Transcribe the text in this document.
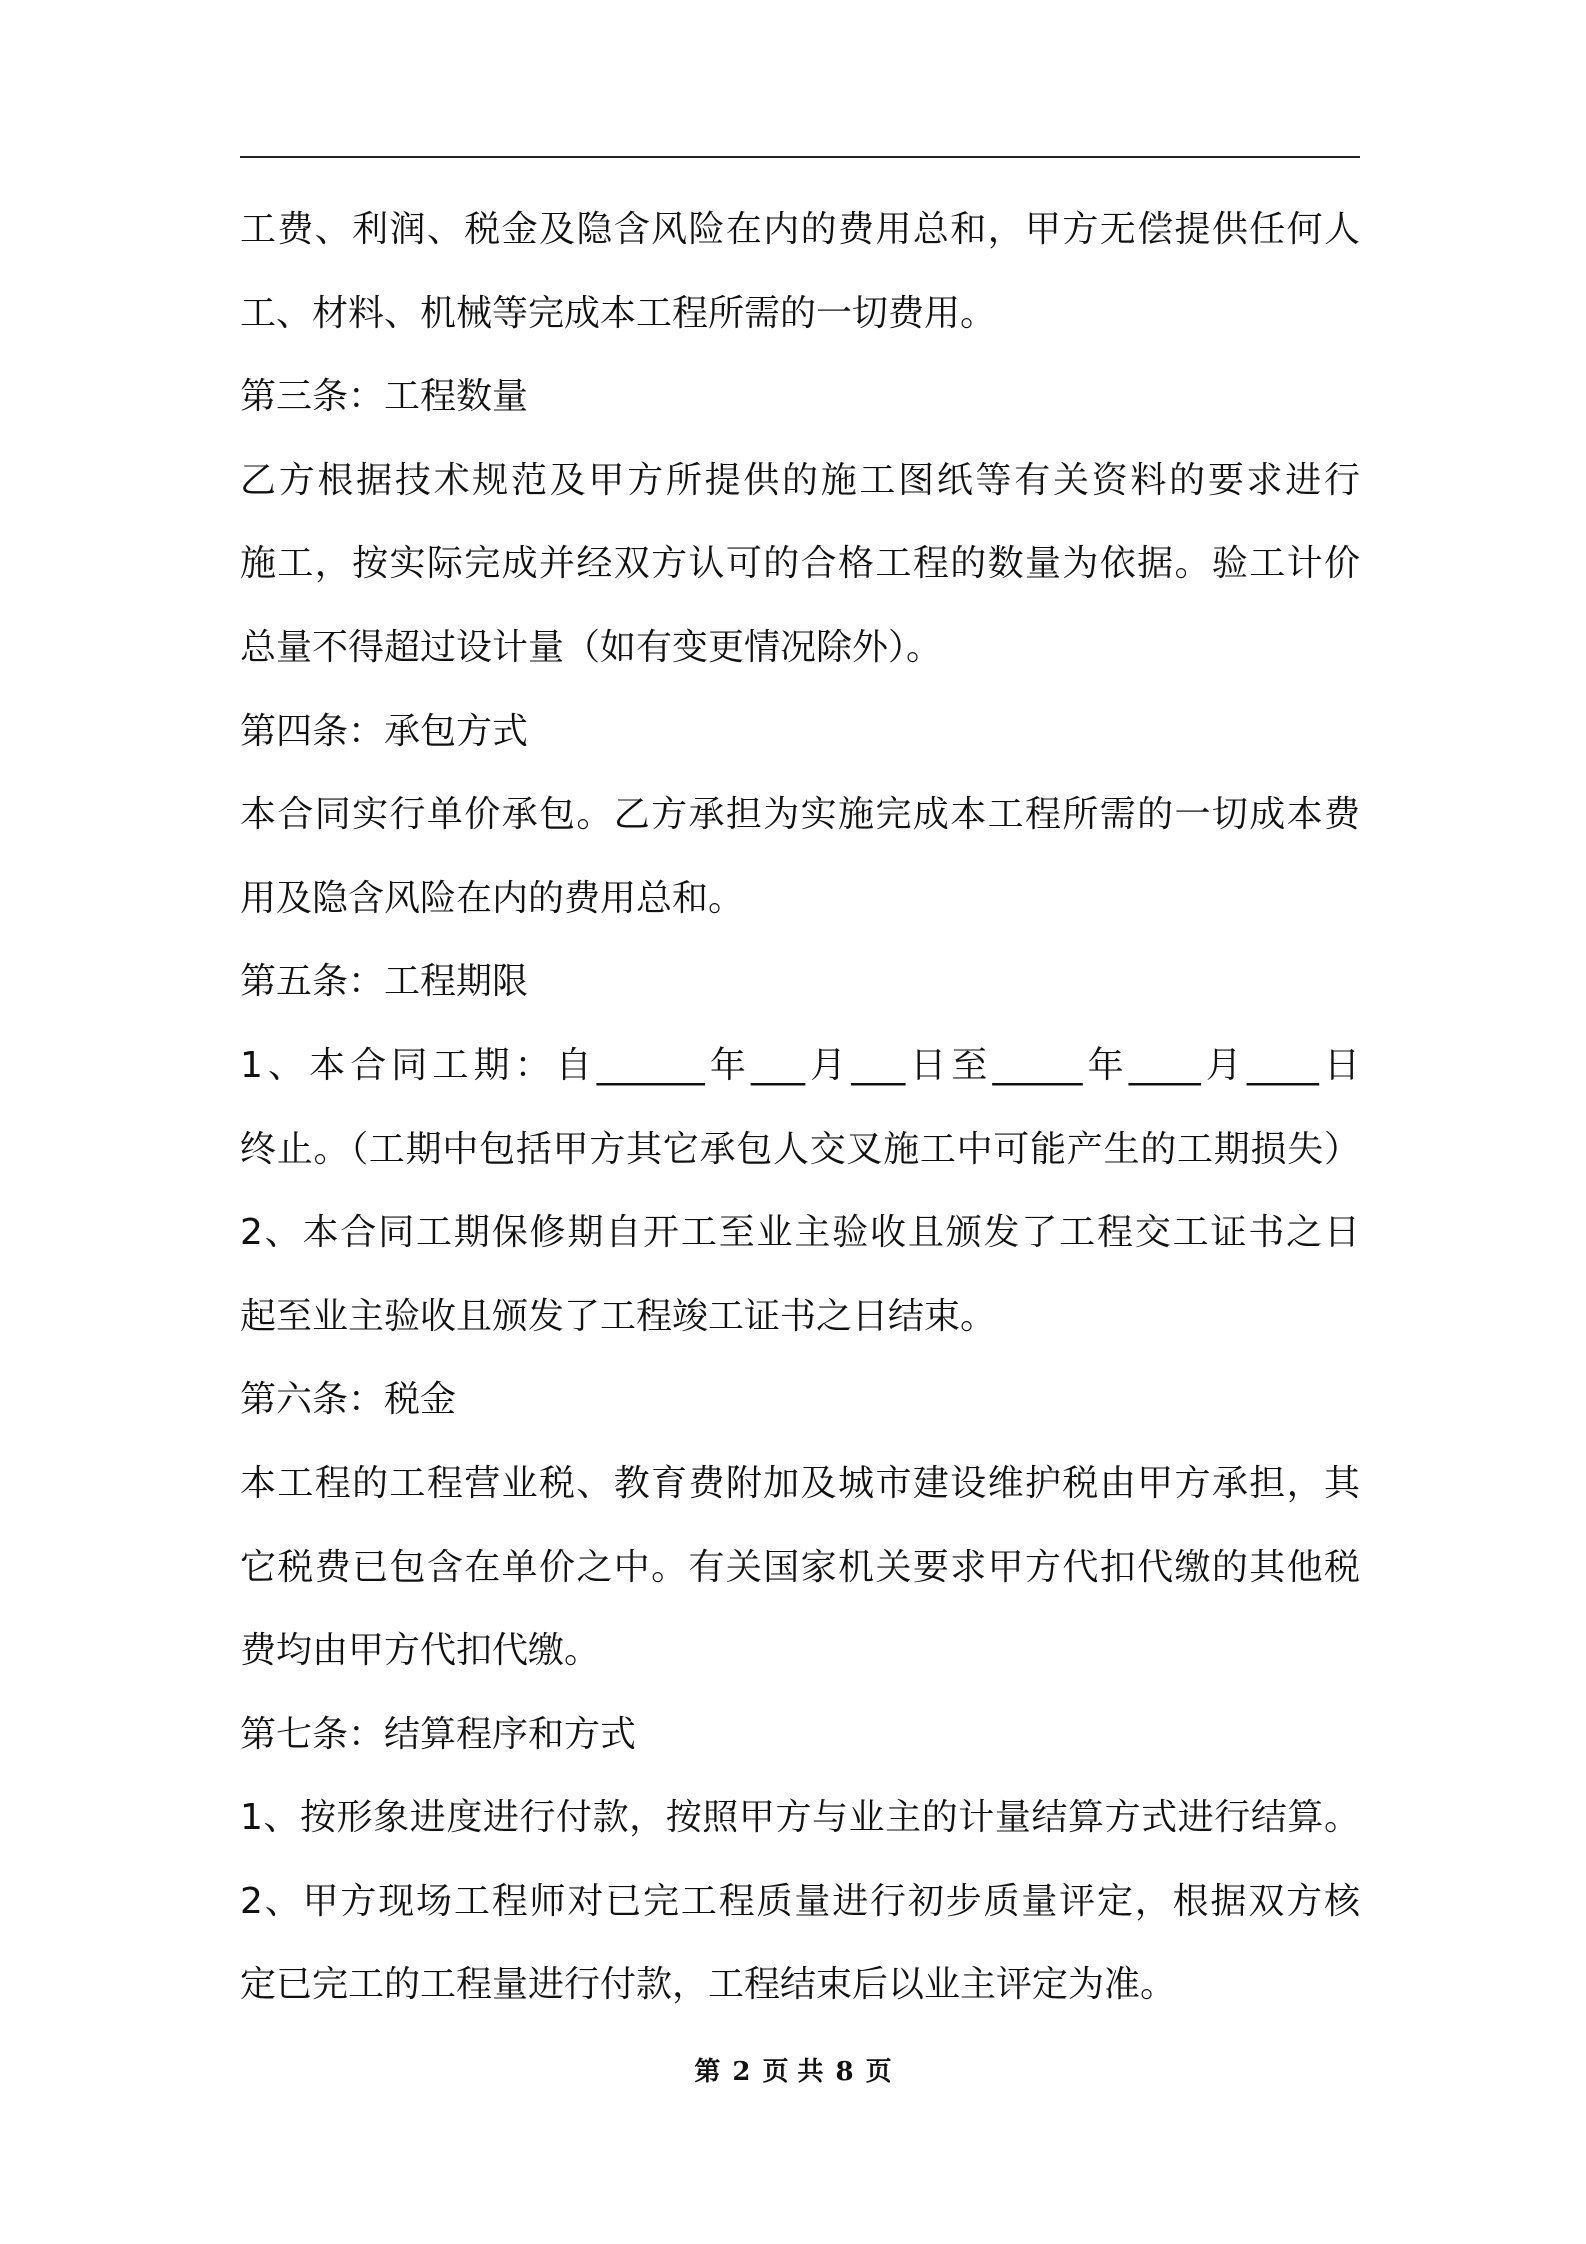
工费、利润、税金及隐含风险在内的费用总和，甲方无偿提供任何人
工、材料、机械等完成本工程所需的一切费用。
第三条：工程数量
乙方根据技术规范及甲方所提供的施工图纸等有关资料的要求进行
施工，按实际完成并经双方认可的合格工程的数量为依据。验工计价
总量不得超过设计量（如有变更情况除外）。
第四条：承包方式
本合同实行单价承包。乙方承担为实施完成本工程所需的一切成本费
用及隐含风险在内的费用总和。
第五条：工程期限
1、本合同工期：自______年___月___日至_____年____月____日
终止。（工期中包括甲方其它承包人交叉施工中可能产生的工期损失）
2、本合同工期保修期自开工至业主验收且颁发了工程交工证书之日
起至业主验收且颁发了工程竣工证书之日结束。
第六条：税金
本工程的工程营业税、教育费附加及城市建设维护税由甲方承担，其
它税费已包含在单价之中。有关国家机关要求甲方代扣代缴的其他税
费均由甲方代扣代缴。
第七条：结算程序和方式
1、按形象进度进行付款，按照甲方与业主的计量结算方式进行结算。
2、甲方现场工程师对已完工程质量进行初步质量评定，根据双方核
定已完工的工程量进行付款，工程结束后以业主评定为准。
第 2 页 共 8 页
